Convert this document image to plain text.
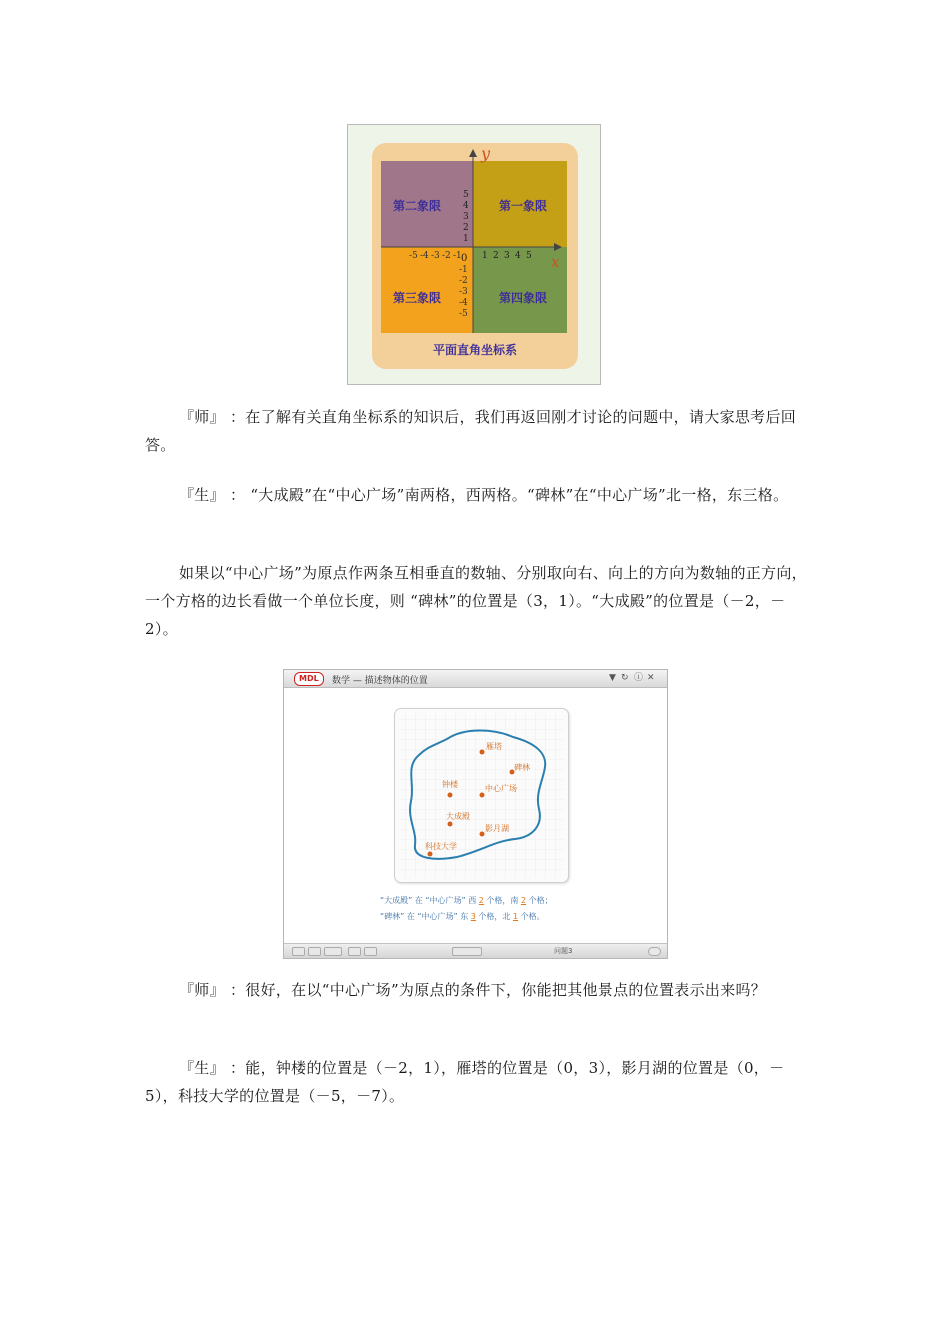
第二象限	第一象限
第三象限	第四象限
y
x
0
5
4
3
2
1
-1
-2
-3
-4
-5
-5 -4 -3 -2 -1 1 2 3 4 5
平面直角坐标系

『师』 ：在了解有关直角坐标系的知识后，我们再返回刚才讨论的问题中，请大家思考后回答。

『生』 ： “大成殿”在“中心广场”南两格，西两格。“碑林”在“中心广场”北一格，东三格。

如果以“中心广场”为原点作两条互相垂直的数轴、分别取向右、向上的方向为数轴的正方向，一个方格的边长看做一个单位长度，则 “碑林”的位置是（3，1）。“大成殿”的位置是（－2，－2）。

MDL	数学 — 描述物体的位置	▼ ↻ ⓘ ✕
雁塔
碑林
钟楼	中心广场
大成殿
影月湖
科技大学
“大成殿” 在 “中心广场” 西 2 个格，南 2 个格；
“碑林” 在 “中心广场” 东 3 个格，北 1 个格。
问题3

『师』 ：很好，在以“中心广场”为原点的条件下，你能把其他景点的位置表示出来吗？

『生』 ：能，钟楼的位置是（－2，1），雁塔的位置是（0，3），影月湖的位置是（0，－5），科技大学的位置是（－5，－7）。
